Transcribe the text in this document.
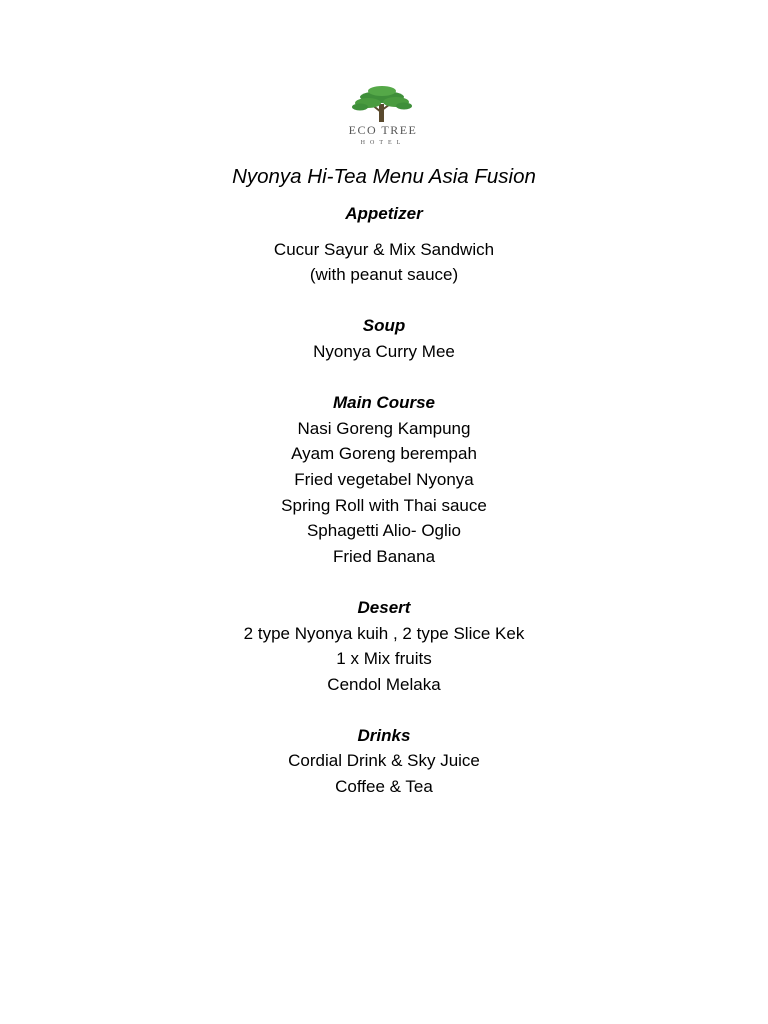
ECO TREE
HOTEL
Nyonya Hi-Tea Menu Asia Fusion
Appetizer
Cucur Sayur & Mix Sandwich
(with peanut sauce)
Soup
Nyonya Curry Mee
Main Course
Nasi Goreng Kampung
Ayam Goreng berempah
Fried vegetabel Nyonya
Spring Roll with Thai sauce
Sphagetti Alio- Oglio
Fried Banana
Desert
2 type Nyonya kuih , 2 type Slice Kek
1 x Mix fruits
Cendol Melaka
Drinks
Cordial Drink & Sky Juice
Coffee & Tea
